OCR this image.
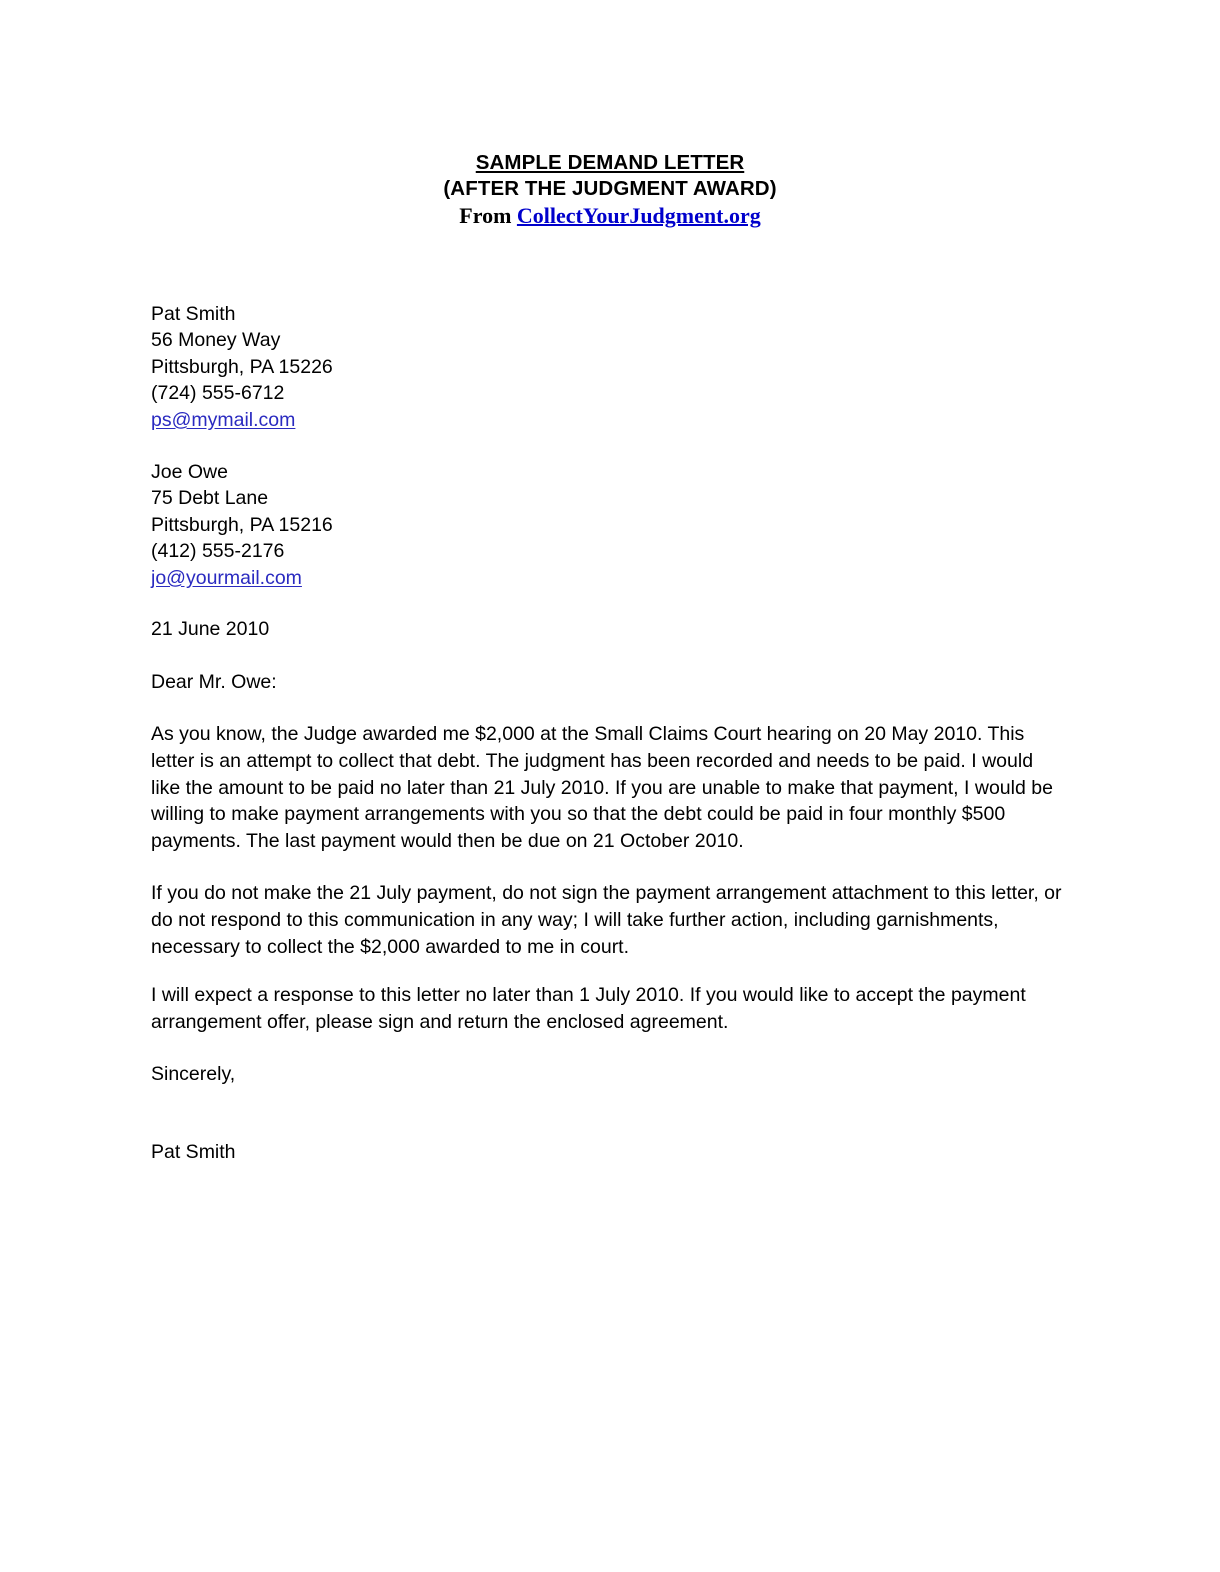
SAMPLE DEMAND LETTER
(AFTER THE JUDGMENT AWARD)
From CollectYourJudgment.org
Pat Smith
56 Money Way
Pittsburgh, PA 15226
(724) 555-6712
ps@mymail.com
Joe Owe
75 Debt Lane
Pittsburgh, PA 15216
(412) 555-2176
jo@yourmail.com
21 June 2010
Dear Mr. Owe:
As you know, the Judge awarded me $2,000 at the Small Claims Court hearing on 20 May 2010. This letter is an attempt to collect that debt. The judgment has been recorded and needs to be paid. I would like the amount to be paid no later than 21 July 2010. If you are unable to make that payment, I would be willing to make payment arrangements with you so that the debt could be paid in four monthly $500 payments. The last payment would then be due on 21 October 2010.
If you do not make the 21 July payment, do not sign the payment arrangement attachment to this letter, or do not respond to this communication in any way; I will take further action, including garnishments, necessary to collect the $2,000 awarded to me in court.
I will expect a response to this letter no later than 1 July 2010. If you would like to accept the payment arrangement offer, please sign and return the enclosed agreement.
Sincerely,
Pat Smith
